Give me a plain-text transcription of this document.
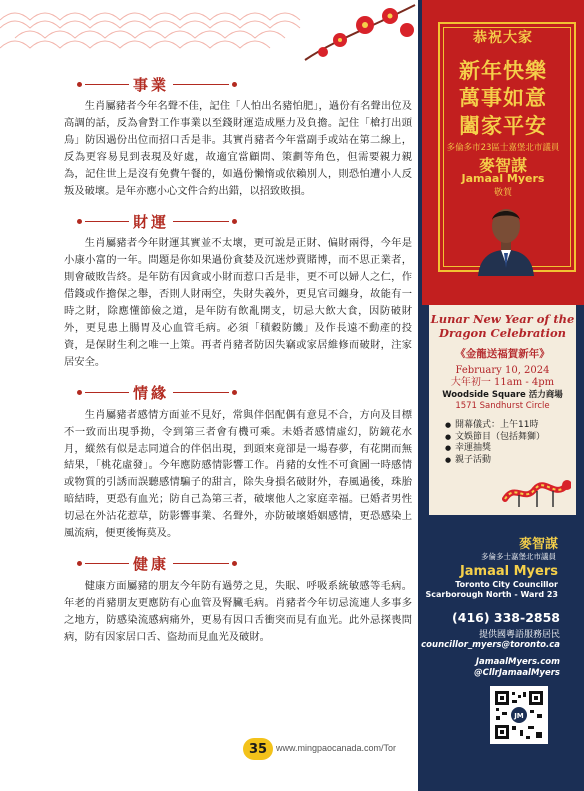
事業

生肖屬豬者今年名聲不佳，記住「人怕出名豬怕肥」，過份有名聲出位及高調的話，反為會對工作事業以至錢財運造成壓力及負擔。記住「槍打出頭鳥」防因過份出位而招口舌是非。其實肖豬者今年當副手或站在第二線上，反為更容易見到表現及好處，故適宜當顧問、策劃等角色，但需要親力親為，記住世上是沒有免費午餐的，如過份懶惰或依賴別人，則恐怕遭小人反叛及破壞。是年亦應小心文件合約出錯，以招致敗損。

財運

生肖屬豬者今年財運其實並不太壞，更可說是正財、偏財兩得，今年是小康小富的一年。問題是你如果過份貪婪及沉迷炒賣賭博，而不思正業者，則會破敗告終。是年防有因貪或小財而惹口舌是非，更不可以婦人之仁，作借錢或作擔保之舉，否則人財兩空，失財失義外，更見官司纏身，故能有一時之財，除應懂節儉之道，是年防有飲亂開支，切忌大飲大食，因防破財外，更見患上腸胃及心血管毛病。必須「積穀防饑」及作長遠不動產的投資，是保財生利之唯一上策。再者肖豬者防因失竊或家居維修而破財，注家居安全。

情緣

生肖屬豬者感情方面並不見好，常與伴侶配偶有意見不合，方向及目標不一致而出現爭拗，令到第三者會有機可乘。未婚者感情虛幻，防鏡花水月，縱然有似是志同道合的伴侶出現，到頭來竟卻是一場春夢，有花開而無結果，「桃花虛發」。今年應防感情影響工作。肖豬的女性不可貪圖一時感情或物質的引誘而誤聽感情騙子的甜言，除失身損名破財外，春風過後，珠胎暗結時，更恐有血光；防自己為第三者，破壞他人之家庭幸福。已婚者男性切忌在外沾花惹草，防影響事業、名聲外，亦防破壞婚姻感情，更恐感染上風流病，便更後悔莫及。

健康

健康方面屬豬的朋友今年防有過勞之見，失眠、呼吸系統敏感等毛病。年老的肖豬朋友更應防有心血管及腎臟毛病。肖豬者今年切忌流連人多事多之地方，防感染流感病痛外，更易有因口舌衝突而見有血光。此外忌探喪問病，防有因家居口舌、盜劫而見血光及破財。

35 www.mingpaocanada.com/Tor
恭祝大家
新年快樂
萬事如意
闔家平安
多倫多市23區士嘉堡北市議員
麥智謀
Jamaal Myers
敬賀
Lunar New Year of the Dragon Celebration
《金龍送福賀新年》
February 10, 2024
大年初一 11am - 4pm
Woodside Square 活力商場
1571 Sandhurst Circle
● 開幕儀式：上午11時
● 文娛節目（包括舞獅）
● 幸運抽獎
● 親子活動
麥智謀
多倫多士嘉堡北市議員
Jamaal Myers
Toronto City Councillor
Scarborough North - Ward 23
(416) 338-2858
提供國粵語服務居民
councillor_myers@toronto.ca
JamaalMyers.com
@CllrJamaalMyers
JM
